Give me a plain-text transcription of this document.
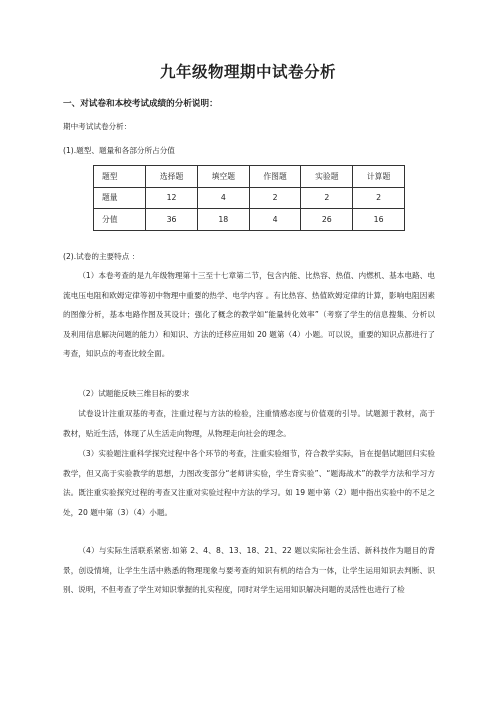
九年级物理期中试卷分析
一、对试卷和本校考试成绩的分析说明：
期中考试试卷分析：
(1).题型、题量和各部分所占分值
题型	选择题	填空题	作图题	实验题	计算题
题量	12	4	2	2	2
分值	36	18	4	26	16
(2).试卷的主要特点 ：
（1）本卷考查的是九年级物理第十三至十七章第二节，包含内能、比热容、热值、内燃机、基本电路、电流电压电阻和欧姆定律等初中物理中重要的热学、电学内容 。有比热容、热值欧姆定律的计算，影响电阻因素的图像分析，基本电路作图及其设计；强化了概念的教学如“能量转化效率”（考察了学生的信息搜集、分析以及利用信息解决问题的能力）和知识、方法的迁移应用如 20 题第（4）小题。可以说，重要的知识点都进行了考查，知识点的考查比较全面。
（2）试题能反映三维目标的要求
试卷设计注重双基的考查，注重过程与方法的检验，注重情感态度与价值观的引导。试题源于教材，高于教材，贴近生活，体现了从生活走向物理，从物理走向社会的理念。
（3）实验题注重科学探究过程中各个环节的考查，注重实验细节，符合教学实际，旨在提倡试题回归实验教学，但又高于实验教学的思想，力图改变部分“老师讲实验，学生背实验”、“题海战术”的教学方法和学习方法。既注重实验探究过程的考查又注重对实验过程中方法的学习。如 19 题中第（2）题中指出实验中的不足之处，20 题中第（3）（4）小题。
（4）与实际生活联系紧密.如第 2、4、8、13、18、21、22 题以实际社会生活、新科技作为题目的背景，创设情境，让学生生活中熟悉的物理现象与要考查的知识有机的结合为一体，让学生运用知识去判断、识别、说明，不但考查了学生对知识掌握的扎实程度，同时对学生运用知识解决问题的灵活性也进行了检
